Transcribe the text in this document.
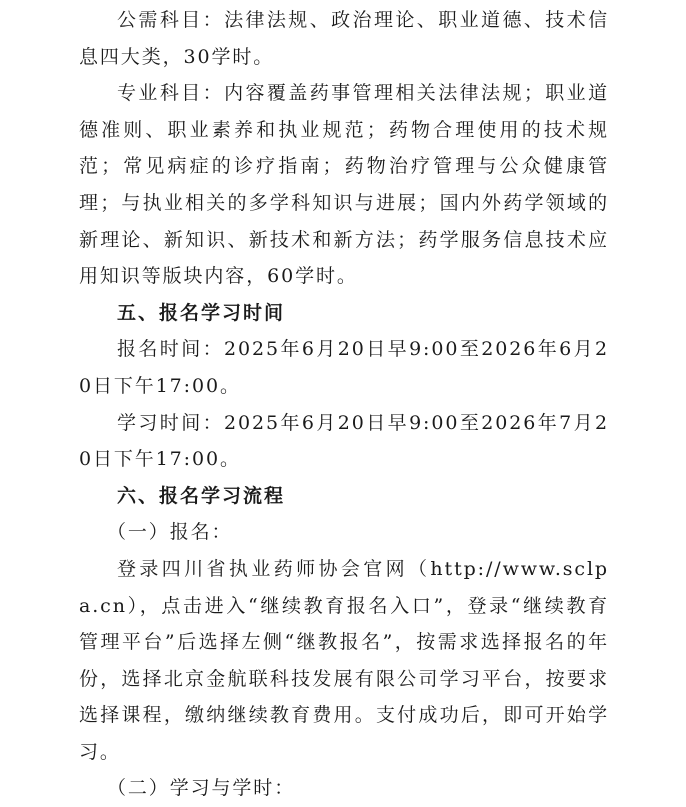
公需科目：法律法规、政治理论、职业道德、技术信息四大类，30学时。

专业科目：内容覆盖药事管理相关法律法规；职业道德准则、职业素养和执业规范；药物合理使用的技术规范；常见病症的诊疗指南；药物治疗管理与公众健康管理；与执业相关的多学科知识与进展；国内外药学领域的新理论、新知识、新技术和新方法；药学服务信息技术应用知识等版块内容，60学时。

五、报名学习时间

报名时间：2025年6月20日早9:00至2026年6月20日下午17:00。

学习时间：2025年6月20日早9:00至2026年7月20日下午17:00。

六、报名学习流程

（一）报名：

登录四川省执业药师协会官网（http://www.sclpa.cn），点击进入“继续教育报名入口”，登录“继续教育管理平台”后选择左侧“继教报名”，按需求选择报名的年份，选择北京金航联科技发展有限公司学习平台，按要求选择课程，缴纳继续教育费用。支付成功后，即可开始学习。

（二）学习与学时：
